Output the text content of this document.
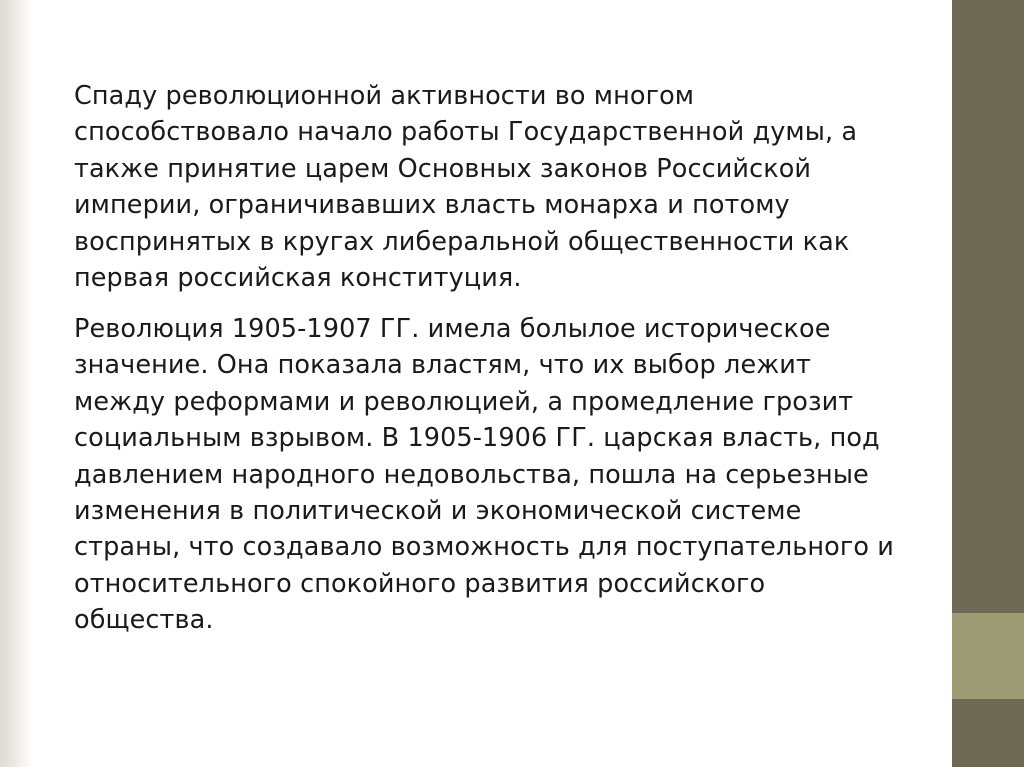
Спаду революционной активности во многом способствовало начало работы Государственной думы, а также принятие царем Основных законов Российской империи, ограничивавших власть монарха и потому воспринятых в кругах либеральной общественности как первая российская конституция.

Революция 1905-1907 ГГ. имела болылое историческое значение. Она показала властям, что их выбор лежит между реформами и революцией, а промедление грозит социальным взрывом. В 1905-1906 ГГ. царская власть, под давлением народного недовольства, пошла на серьезные изменения в политической и экономической системе страны, что создавало возможность для поступательного и относительного спокойного развития российского общества.
